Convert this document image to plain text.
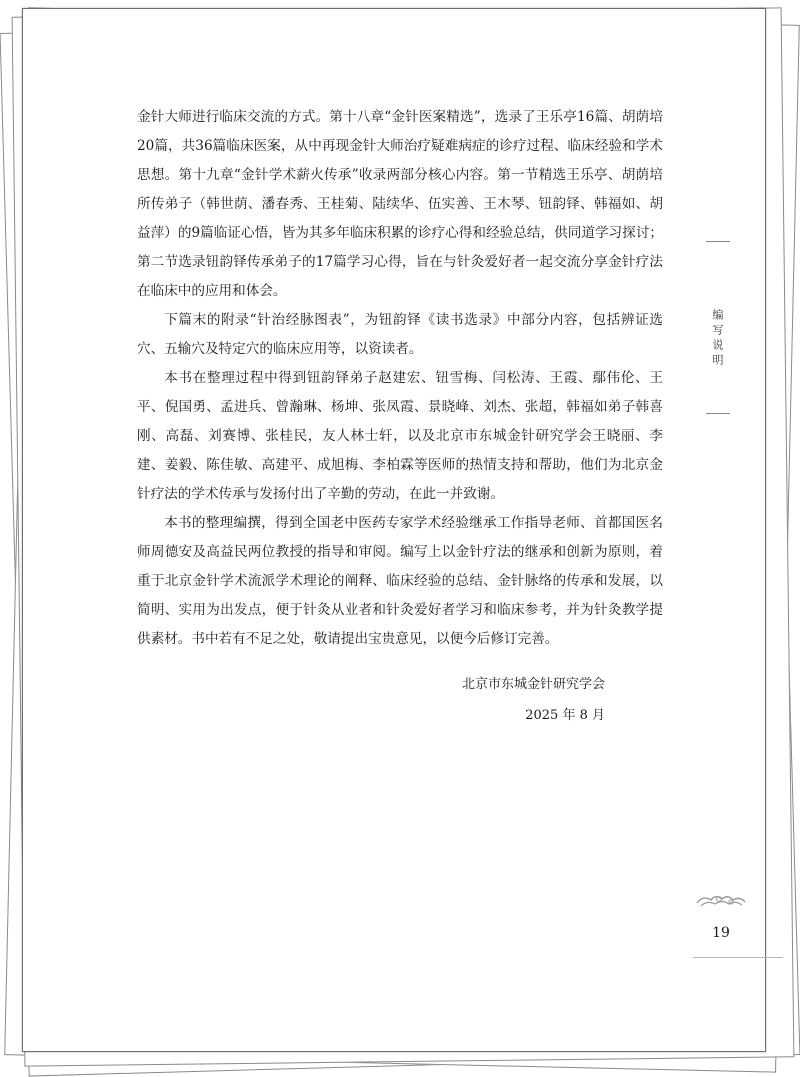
金针大师进行临床交流的方式。第十八章“金针医案精选”，选录了王乐亭16篇、胡荫培20篇，共36篇临床医案，从中再现金针大师治疗疑难病症的诊疗过程、临床经验和学术思想。第十九章“金针学术薪火传承”收录两部分核心内容。第一节精选王乐亭、胡荫培所传弟子（韩世荫、潘春秀、王桂菊、陆续华、伍实善、王木琴、钮韵铎、韩福如、胡益萍）的9篇临证心悟，皆为其多年临床积累的诊疗心得和经验总结，供同道学习探讨；第二节选录钮韵铎传承弟子的17篇学习心得，旨在与针灸爱好者一起交流分享金针疗法在临床中的应用和体会。

下篇末的附录“针治经脉图表”，为钮韵铎《读书选录》中部分内容，包括辨证选穴、五输穴及特定穴的临床应用等，以资读者。

本书在整理过程中得到钮韵铎弟子赵建宏、钮雪梅、闫松涛、王霞、鄢伟伦、王平、倪国勇、孟进兵、曾瀚琳、杨坤、张凤霞、景晓峰、刘杰、张超，韩福如弟子韩喜刚、高磊、刘赛博、张桂民，友人林士轩，以及北京市东城金针研究学会王晓丽、李建、姜毅、陈佳敏、高建平、成旭梅、李柏霖等医师的热情支持和帮助，他们为北京金针疗法的学术传承与发扬付出了辛勤的劳动，在此一并致谢。

本书的整理编撰，得到全国老中医药专家学术经验继承工作指导老师、首都国医名师周德安及高益民两位教授的指导和审阅。编写上以金针疗法的继承和创新为原则，着重于北京金针学术流派学术理论的阐释、临床经验的总结、金针脉络的传承和发展，以简明、实用为出发点，便于针灸从业者和针灸爱好者学习和临床参考，并为针灸教学提供素材。书中若有不足之处，敬请提出宝贵意见，以便今后修订完善。

北京市东城金针研究学会
2025 年 8 月
编写说明
19
